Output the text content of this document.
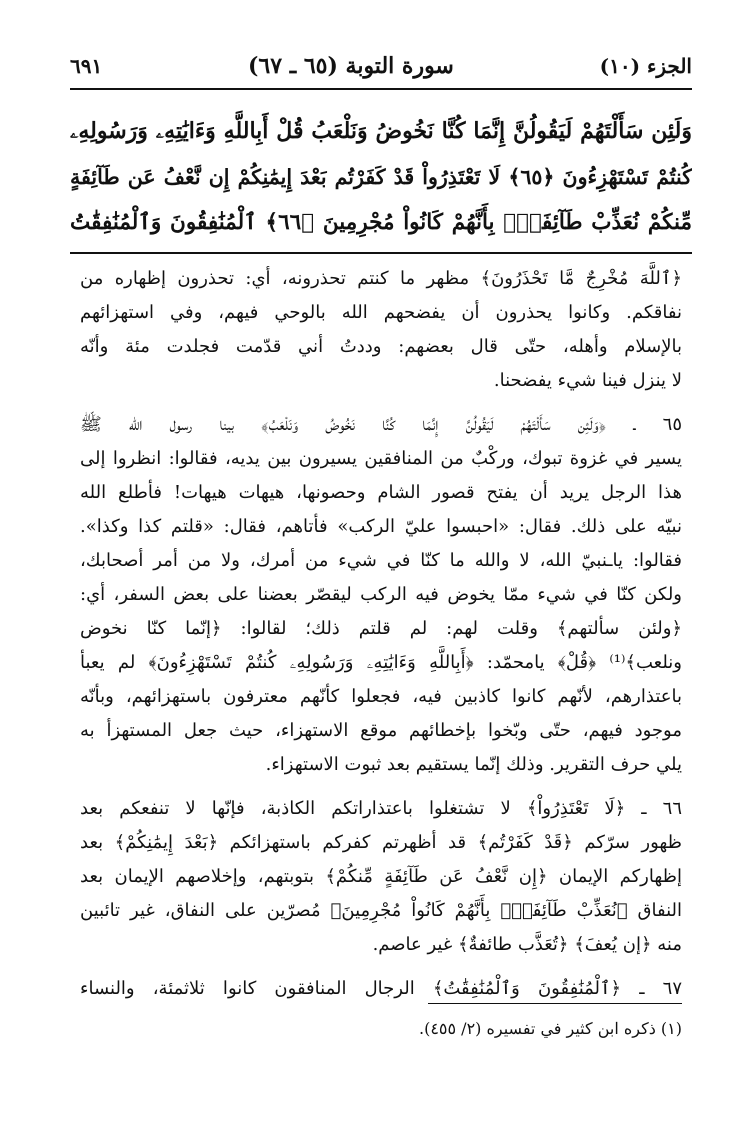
الجزء (١٠)
سورة التوبة (٦٥ ـ ٦٧)
٦٩١
وَلَئِن سَأَلْتَهُمْ لَيَقُولُنَّ إِنَّمَا كُنَّا نَخُوضُ وَنَلْعَبُ قُلْ أَبِاللَّهِ وَءَايَٰتِهِۦ وَرَسُولِهِۦ
كُنتُمْ تَسْتَهْزِءُونَ ﴿٦٥﴾ لَا تَعْتَذِرُواْ قَدْ كَفَرْتُم بَعْدَ إِيمَٰنِكُمْ إِن نَّعْفُ عَن طَآئِفَةٍ
مِّنكُمْ نُعَذِّبْ طَآئِفَةًۢ بِأَنَّهُمْ كَانُواْ مُجْرِمِينَ ﴿٦٦﴾ ٱلْمُنَٰفِقُونَ وَٱلْمُنَٰفِقَٰتُ
﴿ٱللَّهَ مُخْرِجٌ مَّا تَحْذَرُونَ﴾ مظهر ما كنتم تحذرونه، أي: تحذرون إظهاره من
نفاقكم. وكانوا يحذرون أن يفضحهم الله بالوحي فيهم، وفي استهزائهم
بالإسلام وأهله، حتّى قال بعضهم: وددتُ أني قدّمت فجلدت مئة وأنّه
لا ينزل فينا شيء يفضحنا.
٦٥ ـ ﴿وَلَئِن سَأَلْتَهُمْ لَيَقُولُنَّ إِنَّمَا كُنَّا نَخُوضُ وَنَلْعَبُ﴾ بينا رسول الله ﷺ
يسير في غزوة تبوك، وركْبٌ من المنافقين يسيرون بين يديه، فقالوا: انظروا إلى
هذا الرجل يريد أن يفتح قصور الشام وحصونها، هيهات هيهات! فأطلع الله
نبيّه على ذلك. فقال: «احبسوا عليّ الركب» فأتاهم، فقال: «قلتم كذا وكذا».
فقالوا: ياـنبيّ الله، لا والله ما كنّا في شيء من أمرك، ولا من أمر أصحابك،
ولكن كنّا في شيء ممّا يخوض فيه الركب ليقصّر بعضنا على بعض السفر، أي:
﴿ولئن سألتهم﴾ وقلت لهم: لم قلتم ذلك؛ لقالوا: ﴿إنّما كنّا نخوض
ونلعب﴾⁽¹⁾ ﴿قُلْ﴾ يامحمّد: ﴿أَبِاللَّهِ وَءَايَٰتِهِۦ وَرَسُولِهِۦ كُنتُمْ تَسْتَهْزِءُونَ﴾ لم يعبأ
باعتذارهم، لأنّهم كانوا كاذبين فيه، فجعلوا كأنّهم معترفون باستهزائهم، وبأنّه
موجود فيهم، حتّى وبّخوا بإخطائهم موقع الاستهزاء، حيث جعل المستهزأ به
يلي حرف التقرير. وذلك إنّما يستقيم بعد ثبوت الاستهزاء.
٦٦ ـ ﴿لَا تَعْتَذِرُواْ﴾ لا تشتغلوا باعتذاراتكم الكاذبة، فإنّها لا تنفعكم بعد
ظهور سرّكم ﴿قَدْ كَفَرْتُم﴾ قد أظهرتم كفركم باستهزائكم ﴿بَعْدَ إِيمَٰنِكُمْ﴾ بعد
إظهاركم الإيمان ﴿إِن نَّعْفُ عَن طَآئِفَةٍ مِّنكُمْ﴾ بتوبتهم، وإخلاصهم الإيمان بعد
النفاق ﴿نُعَذِّبْ طَآئِفَةًۢ بِأَنَّهُمْ كَانُواْ مُجْرِمِينَ﴾ مُصرّين على النفاق، غير تائبين
منه ﴿إن يُعفَ﴾ ﴿تُعَذَّب طائفةٌ﴾ غير عاصم.
٦٧ ـ ﴿ٱلْمُنَٰفِقُونَ وَٱلْمُنَٰفِقَٰتُ﴾ الرجال المنافقون كانوا ثلاثمئة، والنساء
(١) ذكره ابن كثير في تفسيره (٢/ ٤٥٥).
